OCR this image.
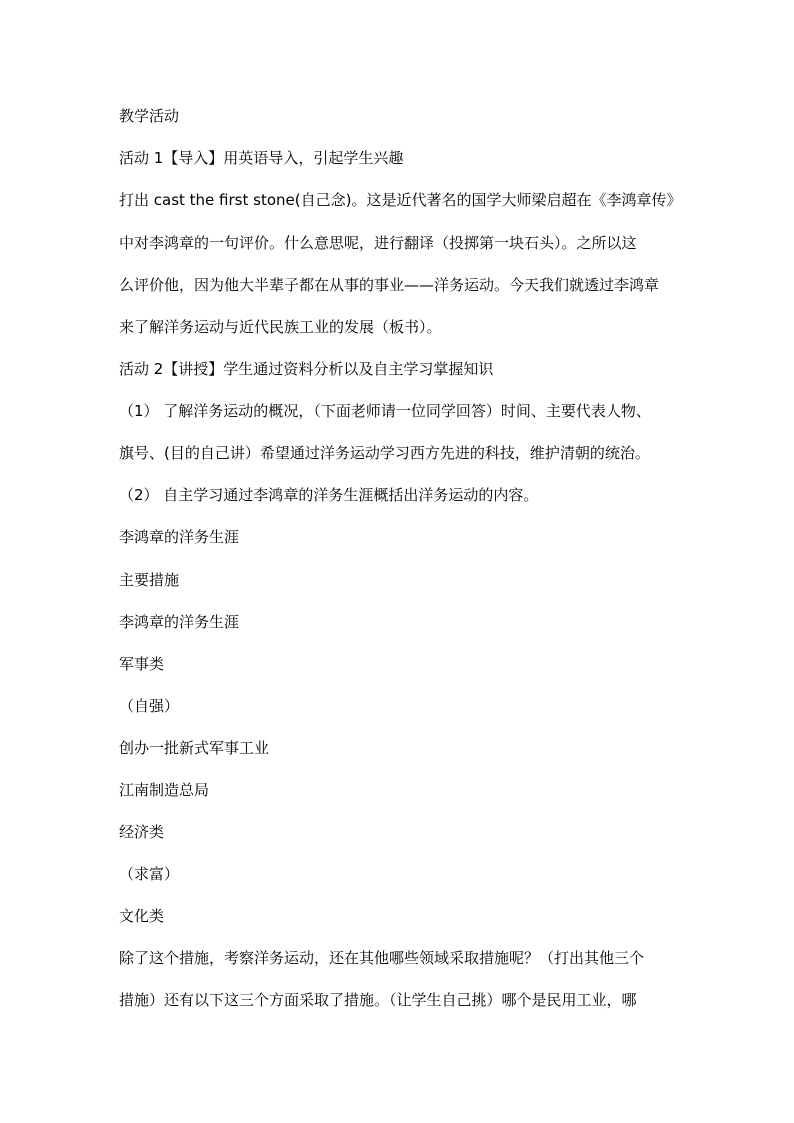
教学活动
活动 1【导入】用英语导入，引起学生兴趣
打出 cast the first stone(自己念)。这是近代著名的国学大师梁启超在《李鸿章传》
中对李鸿章的一句评价。什么意思呢，进行翻译（投掷第一块石头）。之所以这
么评价他，因为他大半辈子都在从事的事业——洋务运动。今天我们就透过李鸿章
来了解洋务运动与近代民族工业的发展（板书）。
活动 2【讲授】学生通过资料分析以及自主学习掌握知识
（1） 了解洋务运动的概况，（下面老师请一位同学回答）时间、主要代表人物、
旗号、(目的自己讲）希望通过洋务运动学习西方先进的科技，维护清朝的统治。
（2） 自主学习通过李鸿章的洋务生涯概括出洋务运动的内容。
李鸿章的洋务生涯
主要措施
李鸿章的洋务生涯
军事类
（自强）
创办一批新式军事工业
江南制造总局
经济类
（求富）
文化类
除了这个措施，考察洋务运动，还在其他哪些领域采取措施呢？（打出其他三个
措施）还有以下这三个方面采取了措施。（让学生自己挑）哪个是民用工业，哪
